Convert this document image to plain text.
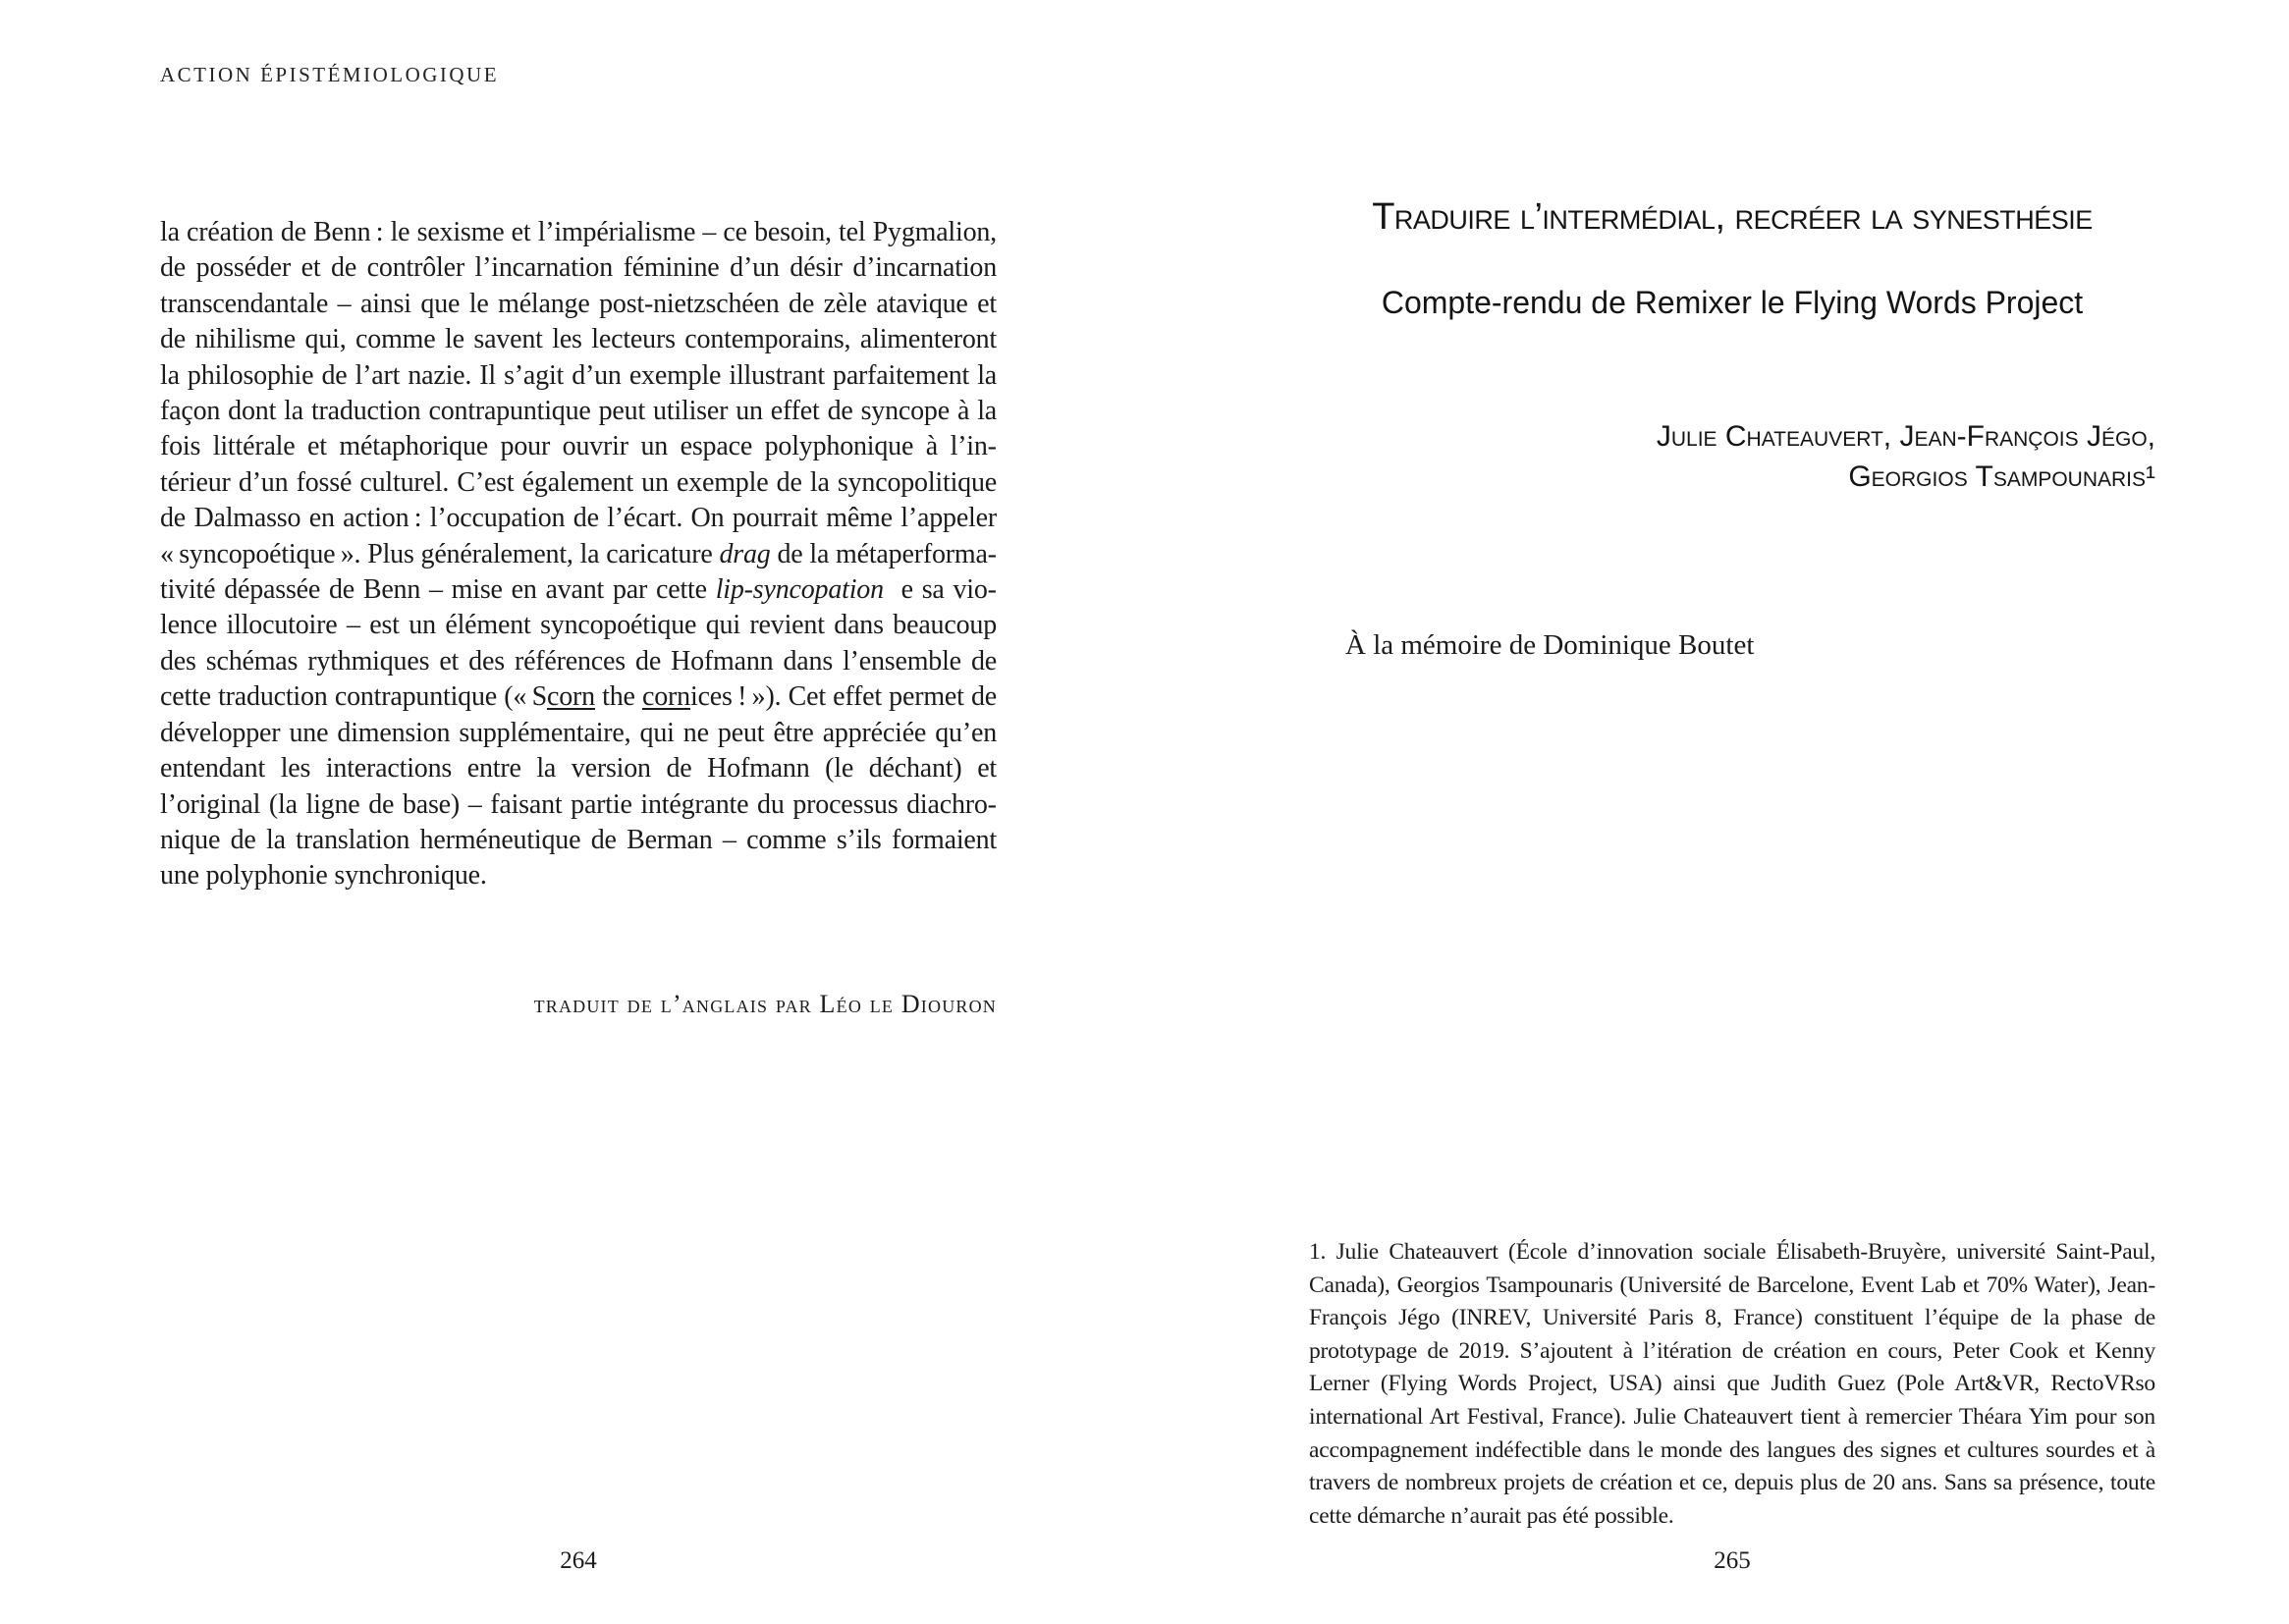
ACTION ÉPISTÉMIOLOGIQUE

la création de Benn : le sexisme et l’impérialisme – ce besoin, tel Pygmalion, de posséder et de contrôler l’incarnation féminine d’un désir d’incarnation transcendantale – ainsi que le mélange post-nietzschéen de zèle atavique et de nihilisme qui, comme le savent les lecteurs contemporains, alimenteront la philosophie de l’art nazie. Il s’agit d’un exemple illustrant parfaitement la façon dont la traduction contrapuntique peut utiliser un effet de syncope à la fois littérale et métaphorique pour ouvrir un espace polyphonique à l’intérieur d’un fossé culturel. C’est également un exemple de la syncopolitique de Dalmasso en action : l’occupation de l’écart. On pourrait même l’appeler « syncopoétique ». Plus généralement, la caricature drag de la métaperformativité dépassée de Benn – mise en avant par cette lip-syncopation  e sa violence illocutoire – est un élément syncopoétique qui revient dans beaucoup des schémas rythmiques et des références de Hofmann dans l’ensemble de cette traduction contrapuntique (« Scorn the cornices ! »). Cet effet permet de développer une dimension supplémentaire, qui ne peut être appréciée qu’en entendant les interactions entre la version de Hofmann (le déchant) et l’original (la ligne de base) – faisant partie intégrante du processus diachronique de la translation herméneutique de Berman – comme s’ils formaient une polyphonie synchronique.

traduit de l’anglais par Léo le Diouron
264
Traduire l’intermédial, recréer la synesthésie
Compte-rendu de Remixer le Flying Words Project
Julie Chateauvert, Jean-François Jégo,
Georgios Tsampounaris¹
À la mémoire de Dominique Boutet

1. Julie Chateauvert (École d’innovation sociale Élisabeth-Bruyère, université Saint-Paul, Canada), Georgios Tsampounaris (Université de Barcelone, Event Lab et 70% Water), Jean-François Jégo (INREV, Université Paris 8, France) constituent l’équipe de la phase de prototypage de 2019. S’ajoutent à l’itération de création en cours, Peter Cook et Kenny Lerner (Flying Words Project, USA) ainsi que Judith Guez (Pole Art&VR, RectoVRso international Art Festival, France). Julie Chateauvert tient à remercier Théara Yim pour son accompagnement indéfectible dans le monde des langues des signes et cultures sourdes et à travers de nombreux projets de création et ce, depuis plus de 20 ans. Sans sa présence, toute cette démarche n’aurait pas été possible.

265
